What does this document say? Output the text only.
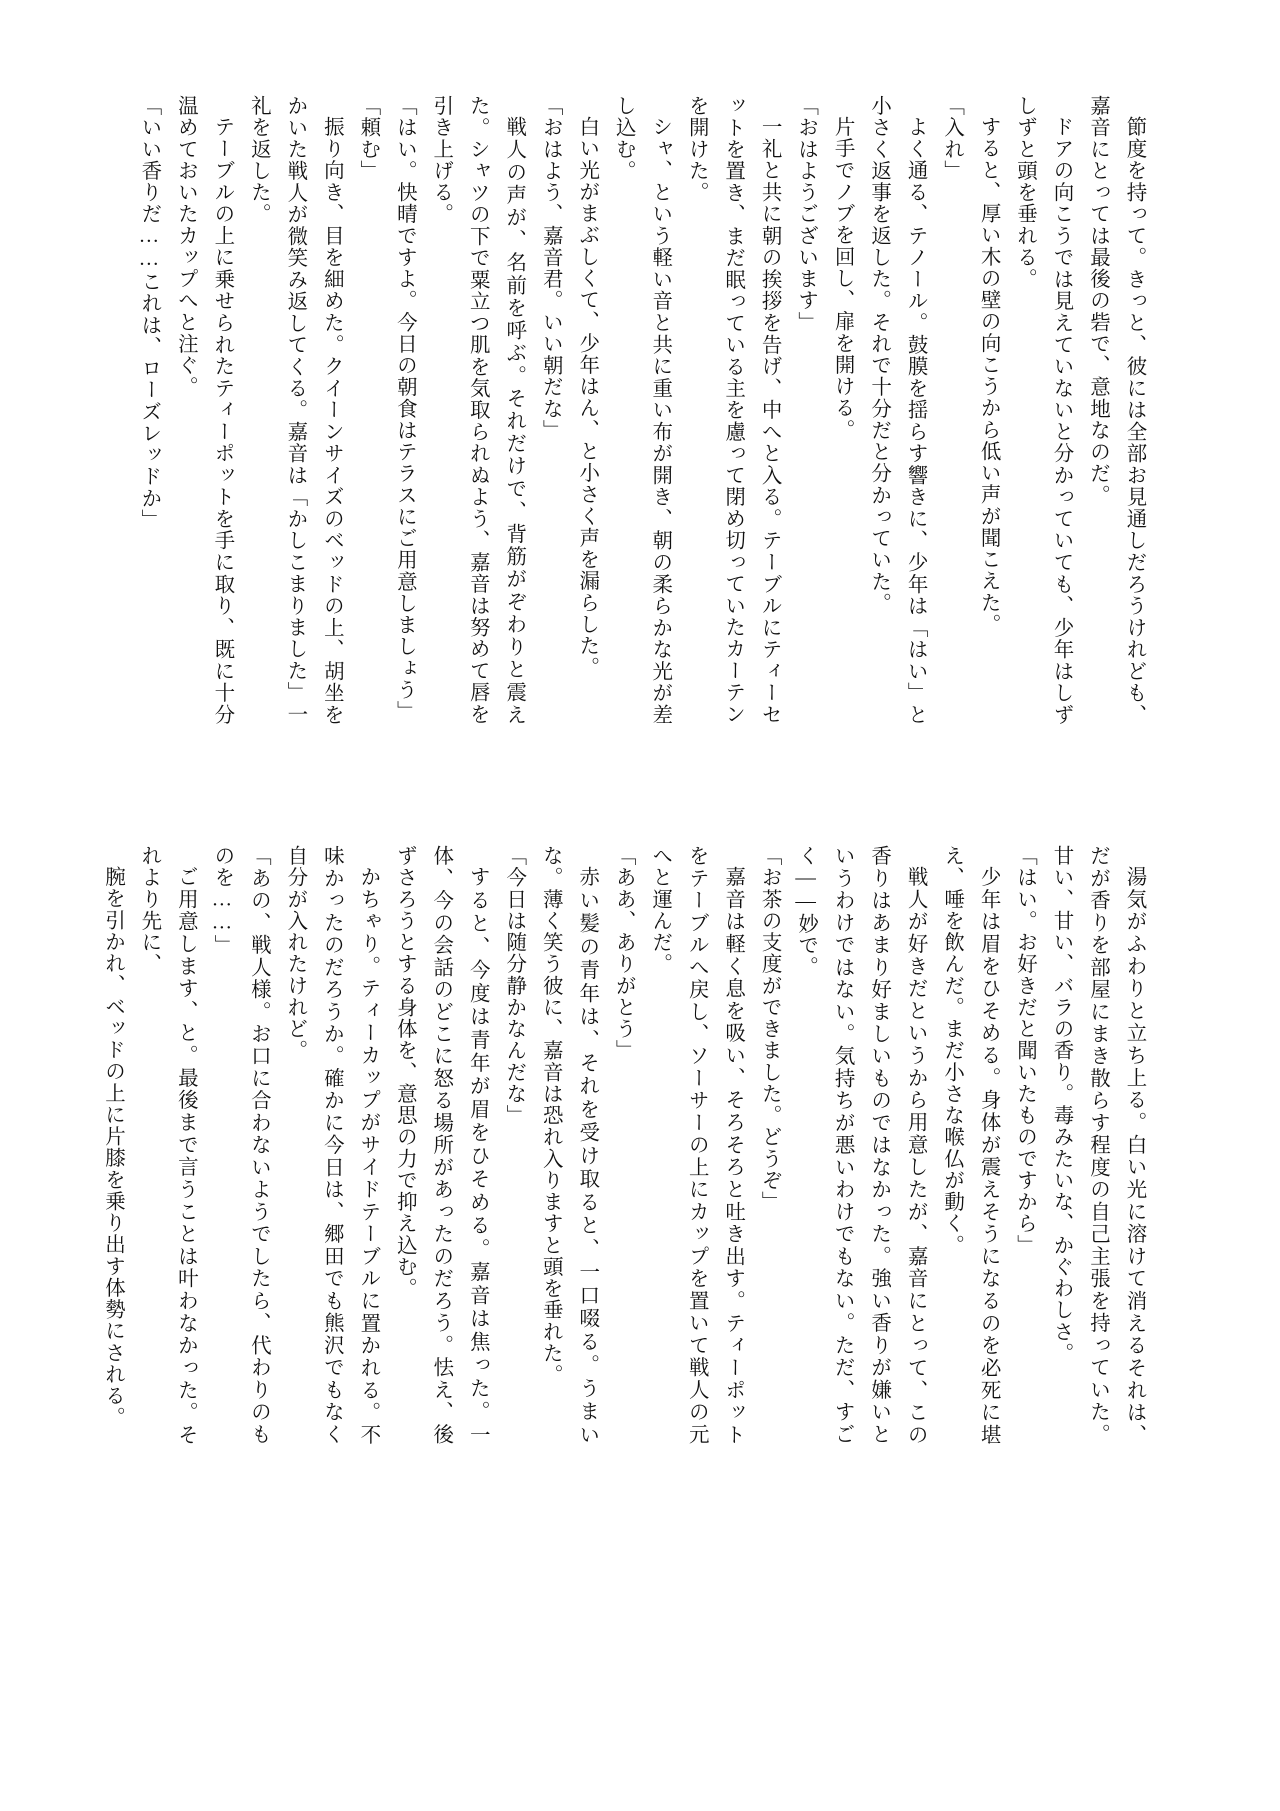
節度を持って。きっと、彼には全部お見通しだろうけれども、嘉音にとっては最後の砦で、意地なのだ。

ドアの向こうでは見えていないと分かっていても、少年はしずしずと頭を垂れる。

すると、厚い木の壁の向こうから低い声が聞こえた。

「入れ」

よく通る、テノール。鼓膜を揺らす響きに、少年は「はい」と小さく返事を返した。それで十分だと分かっていた。

片手でノブを回し、扉を開ける。

「おはようございます」

一礼と共に朝の挨拶を告げ、中へと入る。テーブルにティーセットを置き、まだ眠っている主を慮って閉め切っていたカーテンを開けた。

シャ、という軽い音と共に重い布が開き、朝の柔らかな光が差し込む。

白い光がまぶしくて、少年はん、と小さく声を漏らした。

「おはよう、嘉音君。いい朝だな」

戦人の声が、名前を呼ぶ。それだけで、背筋がぞわりと震えた。シャツの下で粟立つ肌を気取られぬよう、嘉音は努めて唇を引き上げる。

「はい。快晴ですよ。今日の朝食はテラスにご用意しましょう」

「頼む」

振り向き、目を細めた。クイーンサイズのベッドの上、胡坐をかいた戦人が微笑み返してくる。嘉音は「かしこまりました」一礼を返した。

テーブルの上に乗せられたティーポットを手に取り、既に十分温めておいたカップへと注ぐ。

「いい香りだ……これは、ローズレッドか」

湯気がふわりと立ち上る。白い光に溶けて消えるそれは、だが香りを部屋にまき散らす程度の自己主張を持っていた。甘い、甘い、バラの香り。毒みたいな、かぐわしさ。

「はい。お好きだと聞いたものですから」

少年は眉をひそめる。身体が震えそうになるのを必死に堪え、唾を飲んだ。まだ小さな喉仏が動く。

戦人が好きだというから用意したが、嘉音にとって、この香りはあまり好ましいものではなかった。強い香りが嫌いというわけではない。気持ちが悪いわけでもない。ただ、すごく――妙で。

「お茶の支度ができました。どうぞ」

嘉音は軽く息を吸い、そろそろと吐き出す。ティーポットをテーブルへ戻し、ソーサーの上にカップを置いて戦人の元へと運んだ。

「ああ、ありがとう」

赤い髪の青年は、それを受け取ると、一口啜る。うまいな。薄く笑う彼に、嘉音は恐れ入りますと頭を垂れた。

「今日は随分静かなんだな」

すると、今度は青年が眉をひそめる。嘉音は焦った。一体、今の会話のどこに怒る場所があったのだろう。怯え、後ずさろうとする身体を、意思の力で抑え込む。

かちゃり。ティーカップがサイドテーブルに置かれる。不味かったのだろうか。確かに今日は、郷田でも熊沢でもなく自分が入れたけれど。

「あの、戦人様。お口に合わないようでしたら、代わりのものを……」

ご用意します、と。最後まで言うことは叶わなかった。それより先に、

腕を引かれ、ベッドの上に片膝を乗り出す体勢にされる。
